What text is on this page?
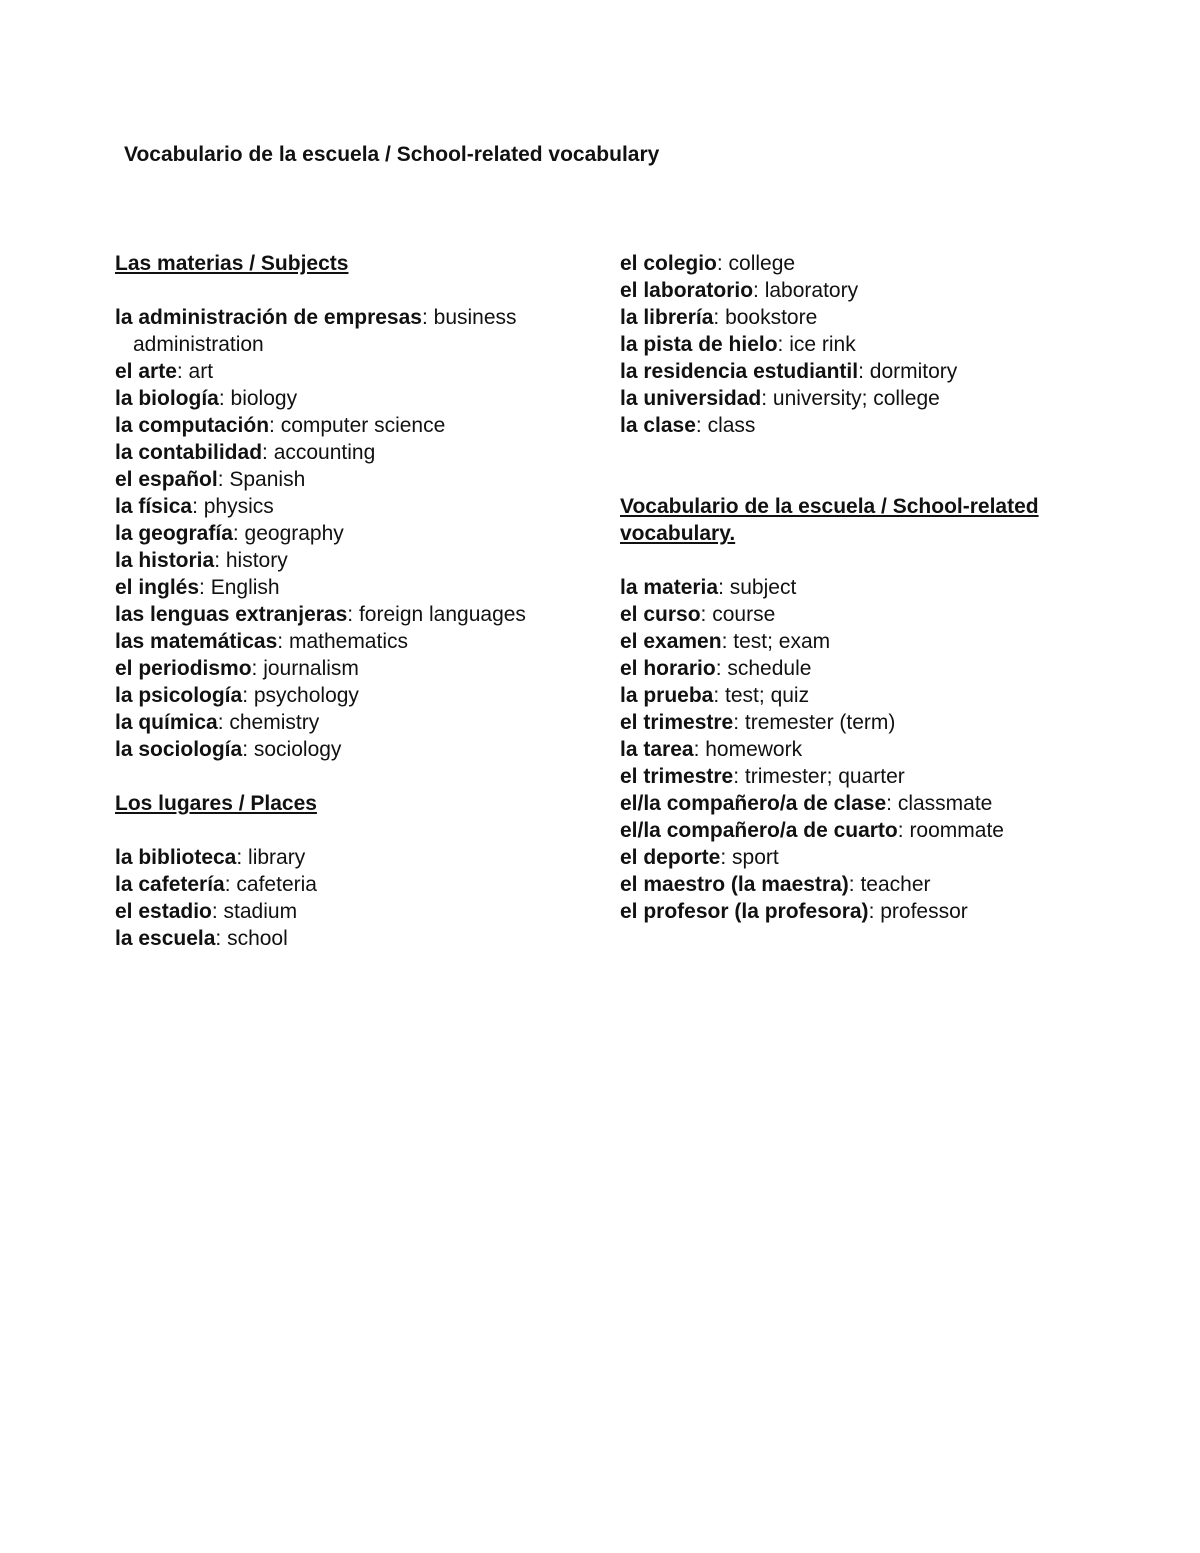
Vocabulario de la escuela / School-related vocabulary

Las materias / Subjects

la administración de empresas: business administration

el arte: art

la biología: biology

la computación: computer science

la contabilidad: accounting

el español: Spanish

la física: physics

la geografía: geography

la historia: history

el inglés: English

las lenguas extranjeras: foreign languages

las matemáticas: mathematics

el periodismo: journalism

la psicología: psychology

la química: chemistry

la sociología: sociology

Los lugares / Places

la biblioteca: library

la cafetería: cafeteria

el estadio: stadium

la escuela: school

el colegio: college

el laboratorio: laboratory

la librería: bookstore

la pista de hielo: ice rink

la residencia estudiantil: dormitory

la universidad: university; college

la clase: class

Vocabulario de la escuela / School-related vocabulary.

la materia: subject

el curso: course

el examen: test; exam

el horario: schedule

la prueba: test; quiz

el trimestre: tremester (term)

la tarea: homework

el trimestre: trimester; quarter

el/la compañero/a de clase: classmate

el/la compañero/a de cuarto: roommate

el deporte: sport

el maestro (la maestra): teacher

el profesor (la profesora): professor
